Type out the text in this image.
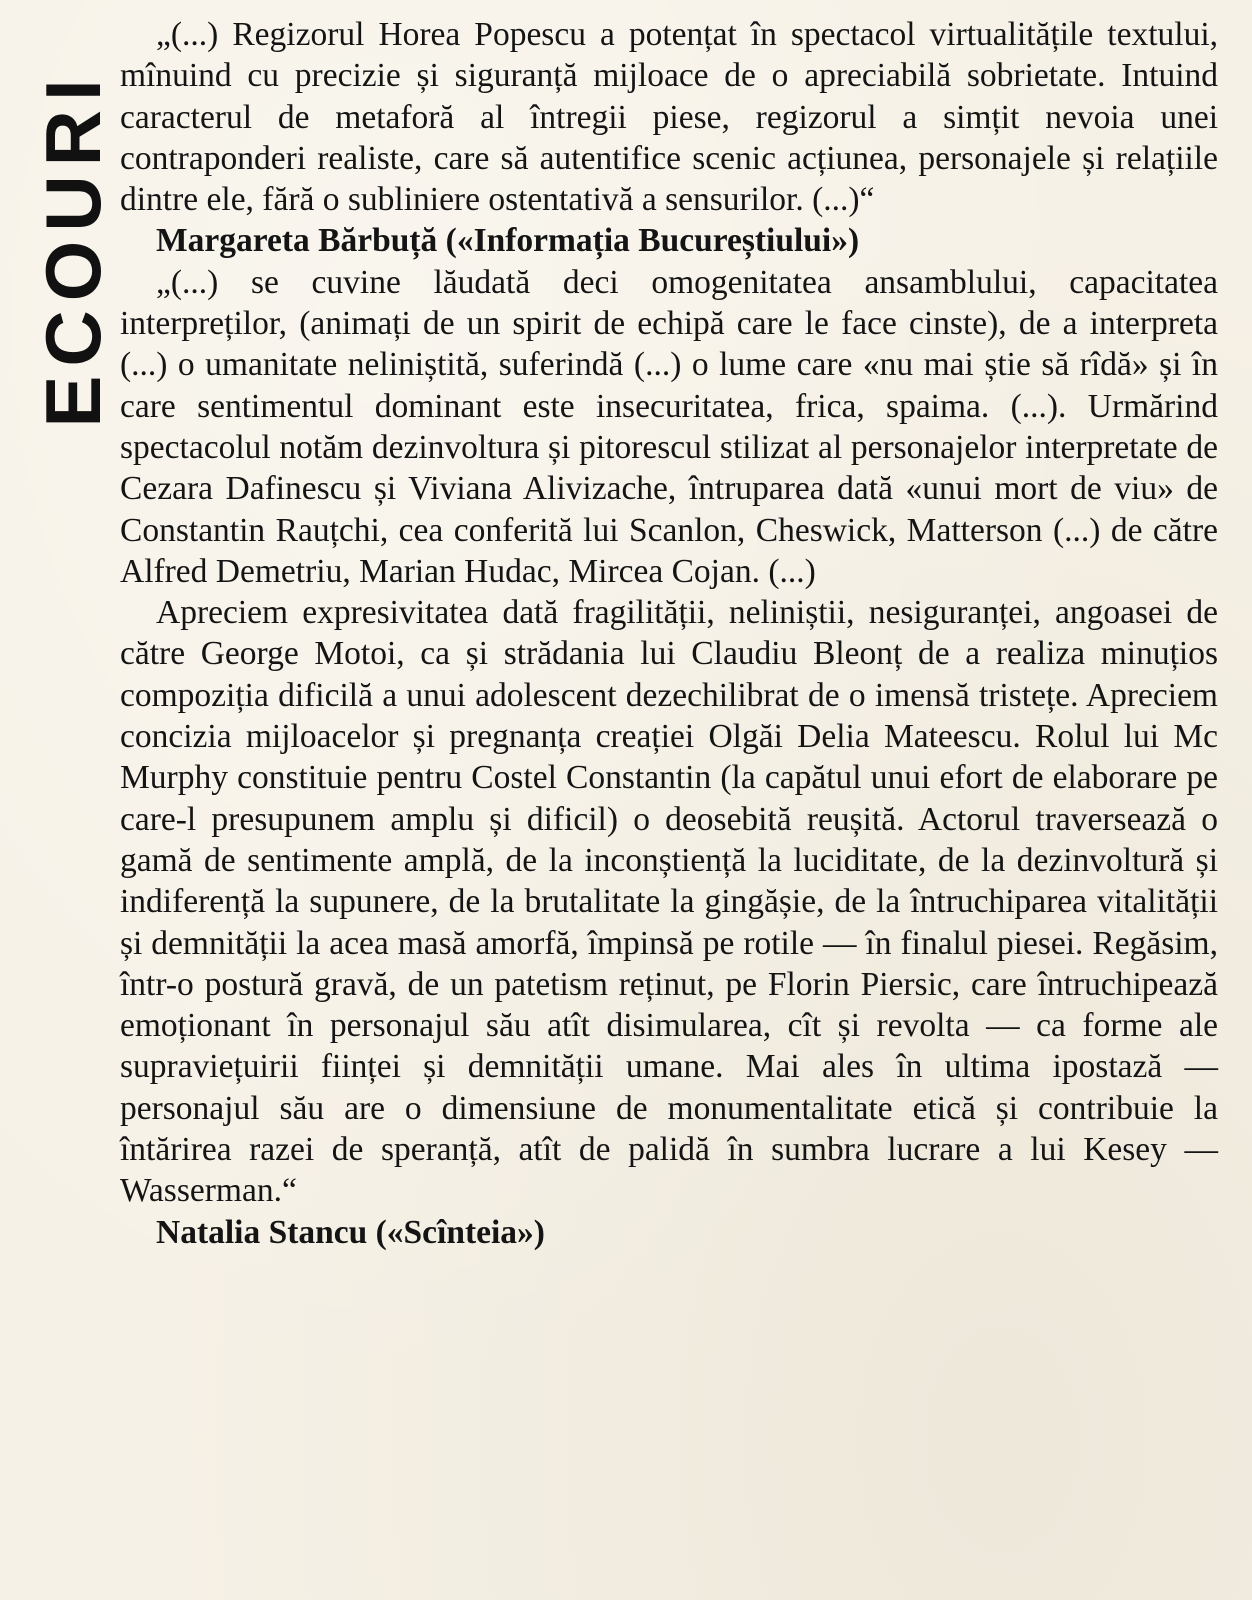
ECOURI

„(...) Regizorul Horea Popescu a potențat în spectacol virtualitățile textului, mînuind cu precizie și siguranță mijloace de o apreciabilă sobrietate. Intuind caracterul de metaforă al întregii piese, regizorul a simțit nevoia unei contraponderi realiste, care să autentifice scenic acțiunea, personajele și relațiile dintre ele, fără o subliniere ostentativă a sensurilor. (...)“

Margareta Bărbuță («Informația Bucureștiului»)

„(...) se cuvine lăudată deci omogenitatea ansamblului, capacitatea interpreților, (animați de un spirit de echipă care le face cinste), de a interpreta (...) o umanitate neliniștită, suferindă (...) o lume care «nu mai știe să rîdă» și în care sentimentul dominant este insecuritatea, frica, spaima. (...). Urmărind spectacolul notăm dezinvoltura și pitorescul stilizat al personajelor interpretate de Cezara Dafinescu și Viviana Alivizache, întruparea dată «unui mort de viu» de Constantin Rauțchi, cea conferită lui Scanlon, Cheswick, Matterson (...) de către Alfred Demetriu, Marian Hudac, Mircea Cojan. (...)

Apreciem expresivitatea dată fragilității, neliniștii, nesiguranței, angoasei de către George Motoi, ca și strădania lui Claudiu Bleonț de a realiza minuțios compoziția dificilă a unui adolescent dezechilibrat de o imensă tristețe. Apreciem concizia mijloacelor și pregnanța creației Olgăi Delia Mateescu. Rolul lui Mc Murphy constituie pentru Costel Constantin (la capătul unui efort de elaborare pe care-l presupunem amplu și dificil) o deosebită reușită. Actorul traversează o gamă de sentimente amplă, de la inconștiență la luciditate, de la dezinvoltură și indiferență la supunere, de la brutalitate la gingășie, de la întruchiparea vitalității și demnității la acea masă amorfă, împinsă pe rotile — în finalul piesei. Regăsim, într-o postură gravă, de un patetism reținut, pe Florin Piersic, care întruchipează emoționant în personajul său atît disimularea, cît și revolta — ca forme ale supraviețuirii ființei și demnității umane. Mai ales în ultima ipostază — personajul său are o dimensiune de monumentalitate etică și contribuie la întărirea razei de speranță, atît de palidă în sumbra lucrare a lui Kesey — Wasserman.“

Natalia Stancu («Scînteia»)
